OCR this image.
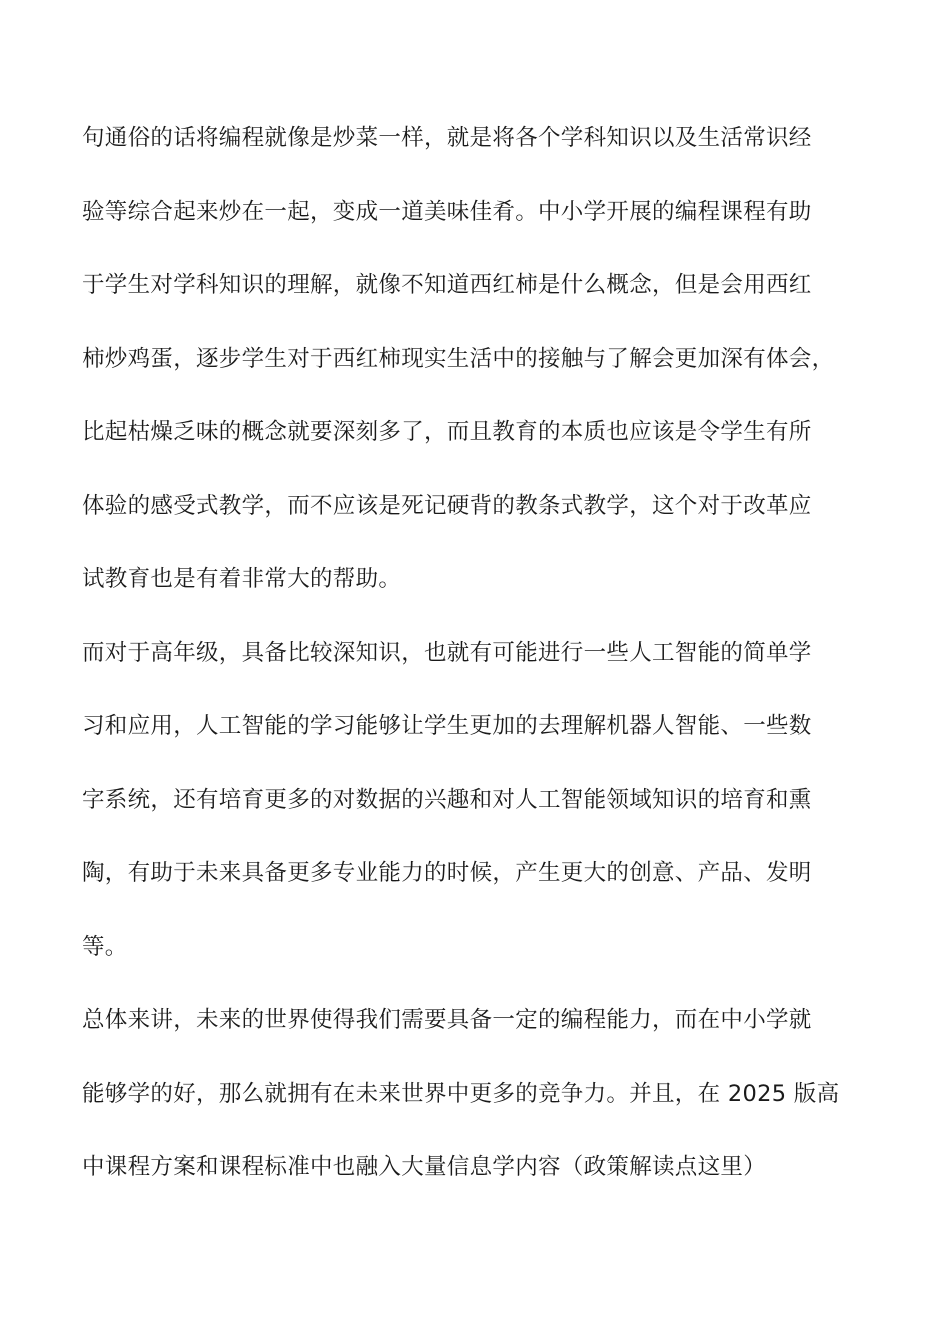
句通俗的话将编程就像是炒菜一样，就是将各个学科知识以及生活常识经
验等综合起来炒在一起，变成一道美味佳肴。中小学开展的编程课程有助
于学生对学科知识的理解，就像不知道西红柿是什么概念，但是会用西红
柿炒鸡蛋，逐步学生对于西红柿现实生活中的接触与了解会更加深有体会，
比起枯燥乏味的概念就要深刻多了，而且教育的本质也应该是令学生有所
体验的感受式教学，而不应该是死记硬背的教条式教学，这个对于改革应
试教育也是有着非常大的帮助。
而对于高年级，具备比较深知识，也就有可能进行一些人工智能的简单学
习和应用，人工智能的学习能够让学生更加的去理解机器人智能、一些数
字系统，还有培育更多的对数据的兴趣和对人工智能领域知识的培育和熏
陶，有助于未来具备更多专业能力的时候，产生更大的创意、产品、发明
等。
总体来讲，未来的世界使得我们需要具备一定的编程能力，而在中小学就
能够学的好，那么就拥有在未来世界中更多的竞争力。并且，在 2025 版高
中课程方案和课程标准中也融入大量信息学内容（政策解读点这里）
